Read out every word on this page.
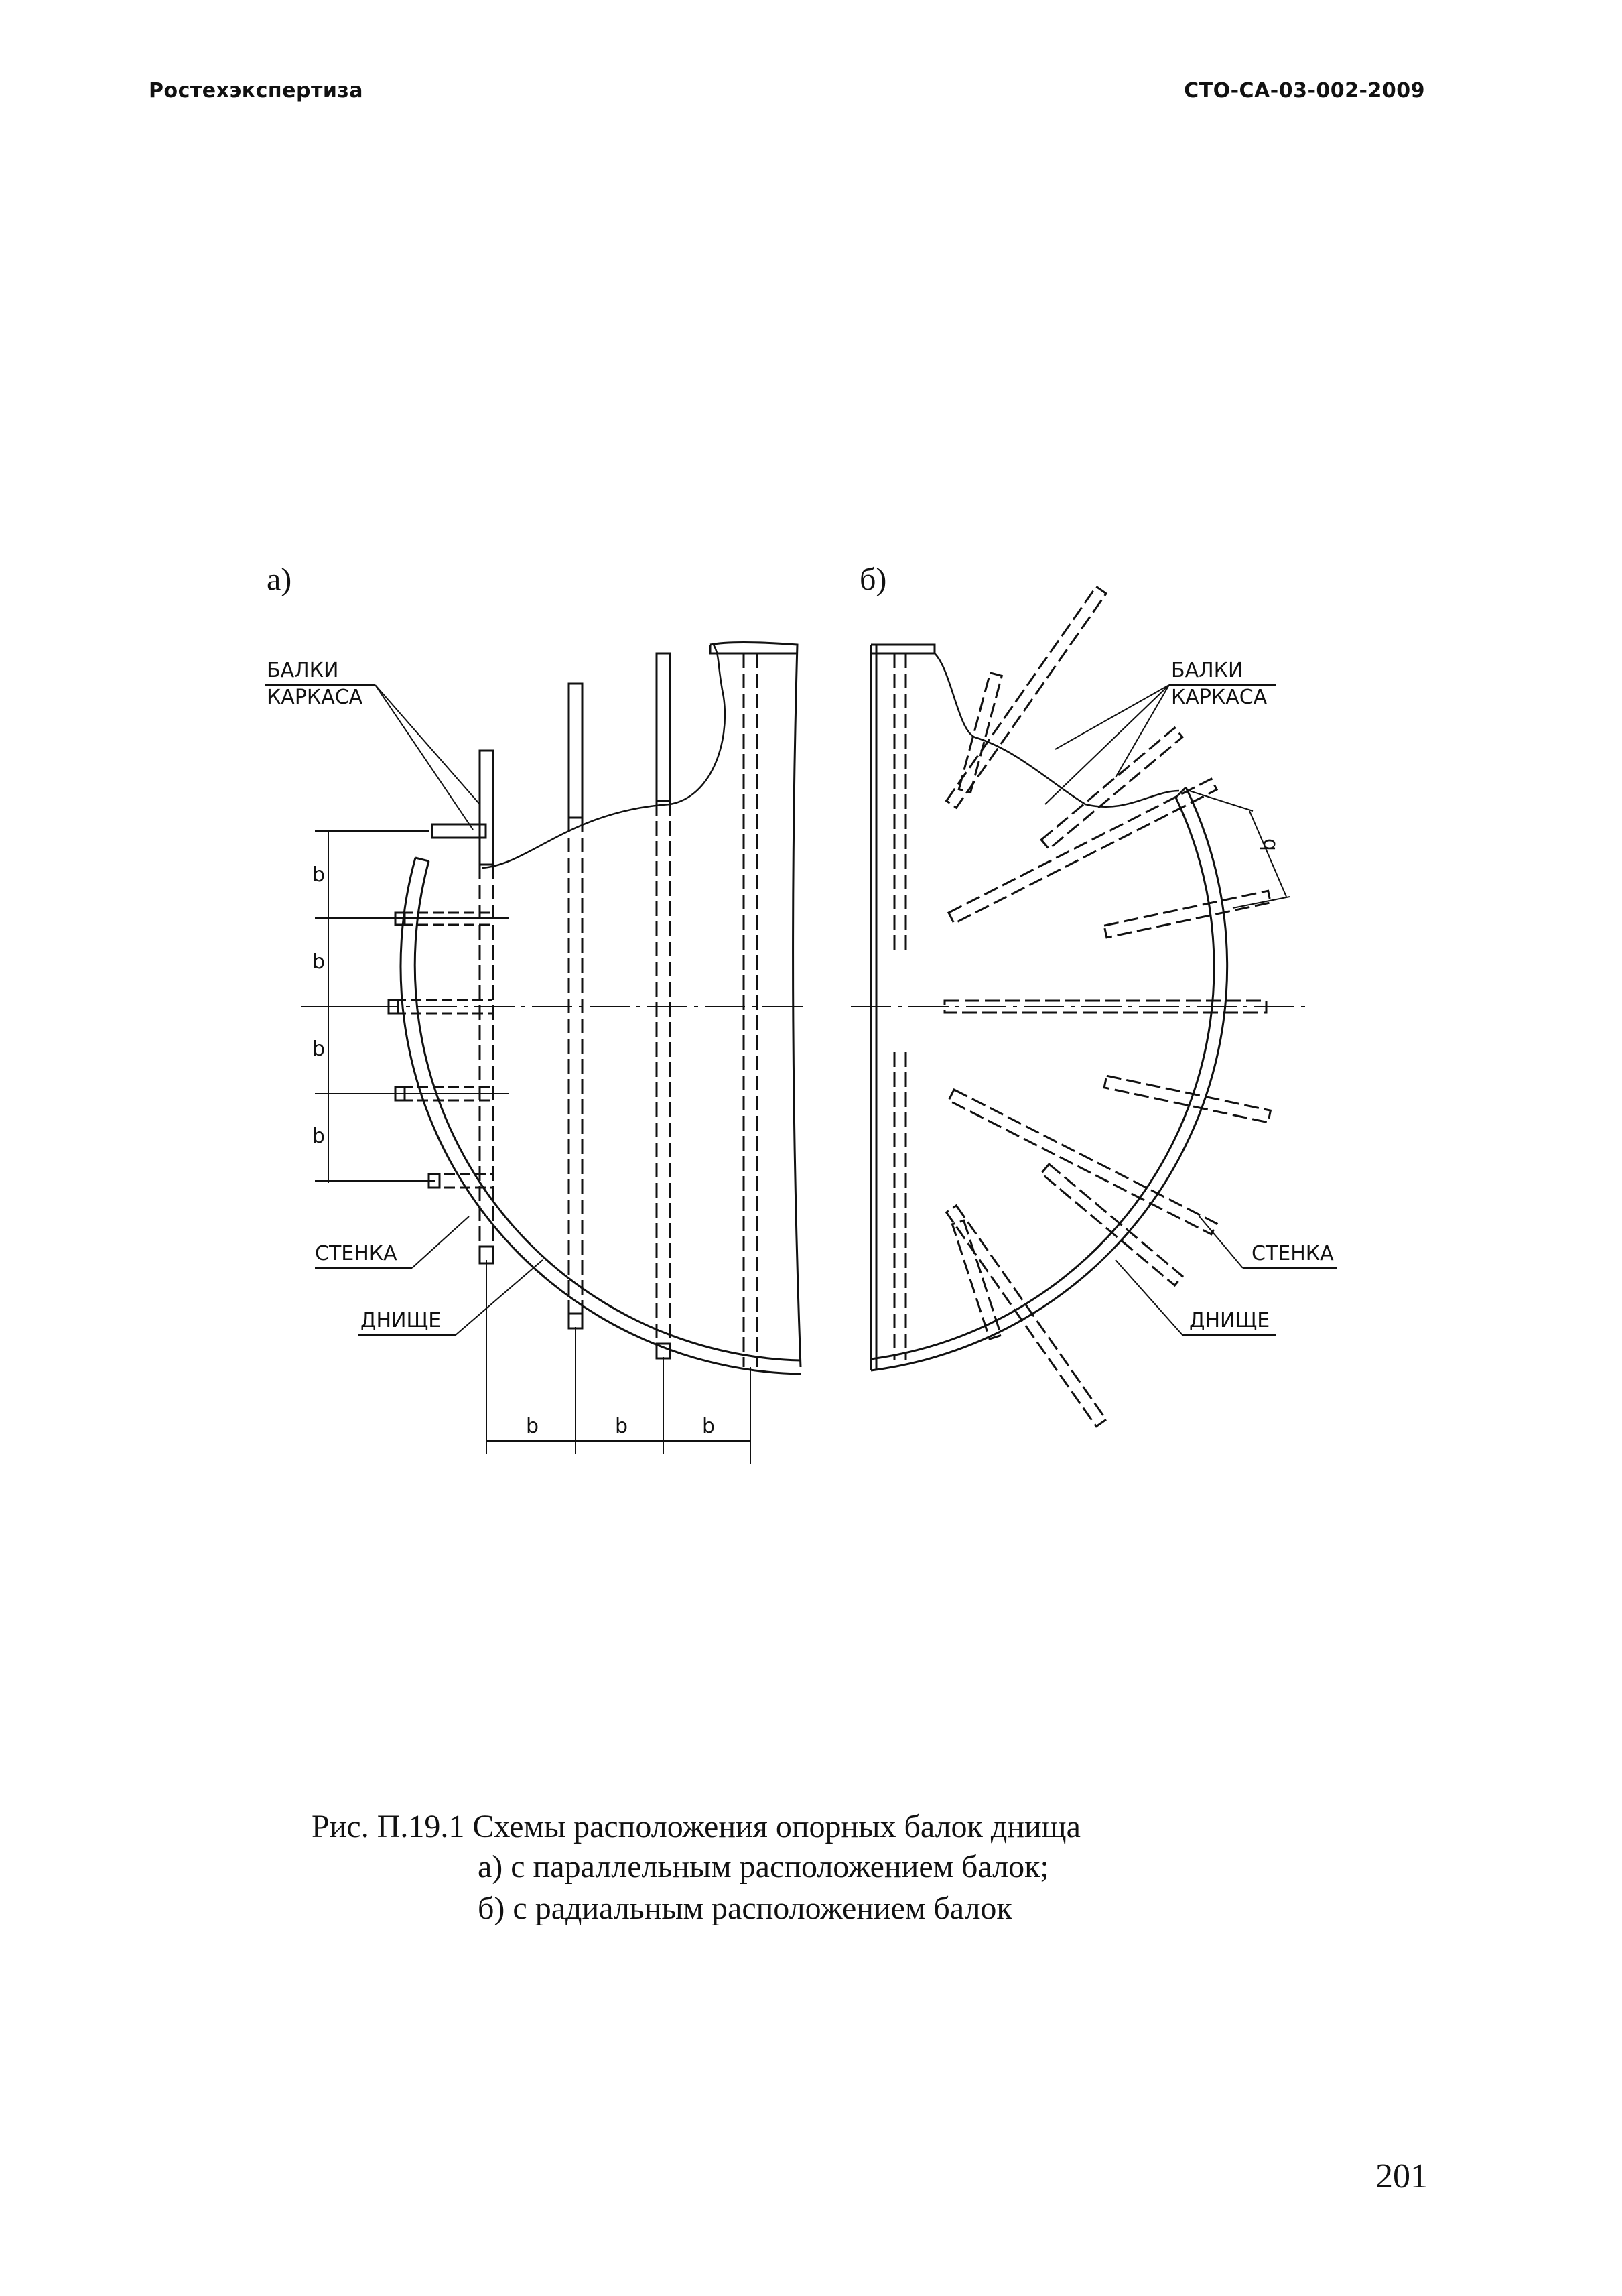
Ростехэкспертиза	СТО-СА-03-002-2009
а)	б)
БАЛКИ
КАРКАСА
СТЕНКА
ДНИЩЕ
b
b
b
b
b	b	b
БАЛКИ
КАРКАСА
СТЕНКА
ДНИЩЕ
b
Рис. П.19.1 Схемы расположения опорных балок днища
а) с параллельным расположением балок;
б) с радиальным расположением балок
201
